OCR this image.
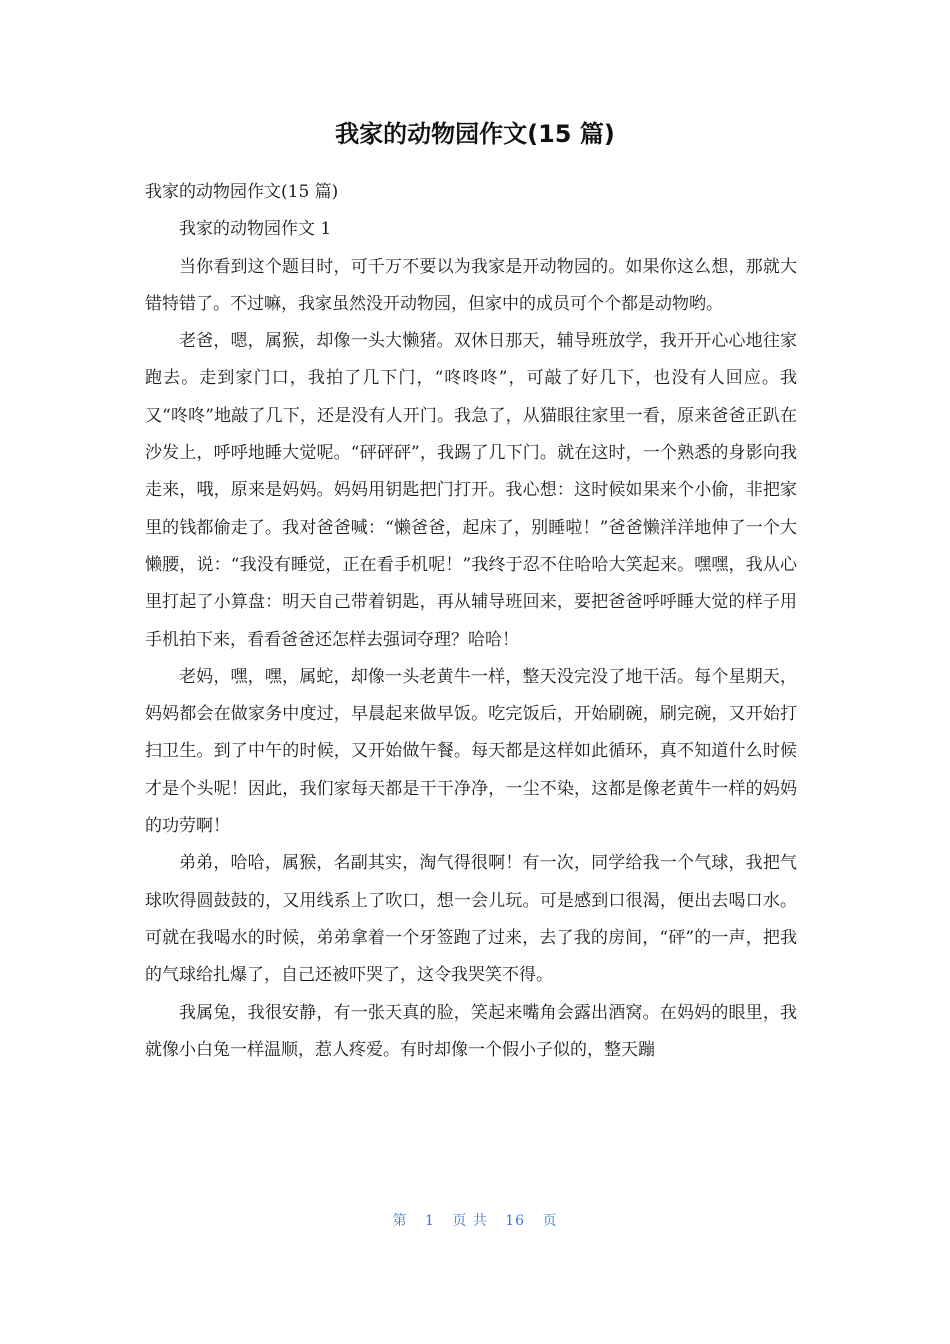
我家的动物园作文(15 篇)

我家的动物园作文(15 篇)

我家的动物园作文 1

当你看到这个题目时，可千万不要以为我家是开动物园的。如果你这么想，那就大错特错了。不过嘛，我家虽然没开动物园，但家中的成员可个个都是动物哟。

老爸，嗯，属猴，却像一头大懒猪。双休日那天，辅导班放学，我开开心心地往家跑去。走到家门口，我拍了几下门，“咚咚咚”，可敲了好几下，也没有人回应。我又“咚咚”地敲了几下，还是没有人开门。我急了，从猫眼往家里一看，原来爸爸正趴在沙发上，呼呼地睡大觉呢。“砰砰砰”，我踢了几下门。就在这时，一个熟悉的身影向我走来，哦，原来是妈妈。妈妈用钥匙把门打开。我心想：这时候如果来个小偷，非把家里的钱都偷走了。我对爸爸喊：“懒爸爸，起床了，别睡啦！”爸爸懒洋洋地伸了一个大懒腰，说：“我没有睡觉，正在看手机呢！”我终于忍不住哈哈大笑起来。嘿嘿，我从心里打起了小算盘：明天自己带着钥匙，再从辅导班回来，要把爸爸呼呼睡大觉的样子用手机拍下来，看看爸爸还怎样去强词夺理？哈哈！

老妈，嘿，嘿，属蛇，却像一头老黄牛一样，整天没完没了地干活。每个星期天，妈妈都会在做家务中度过，早晨起来做早饭。吃完饭后，开始刷碗，刷完碗，又开始打扫卫生。到了中午的时候，又开始做午餐。每天都是这样如此循环，真不知道什么时候才是个头呢！因此，我们家每天都是干干净净，一尘不染，这都是像老黄牛一样的妈妈的功劳啊！

弟弟，哈哈，属猴，名副其实，淘气得很啊！有一次，同学给我一个气球，我把气球吹得圆鼓鼓的，又用线系上了吹口，想一会儿玩。可是感到口很渴，便出去喝口水。可就在我喝水的时候，弟弟拿着一个牙签跑了过来，去了我的房间，“砰”的一声，把我的气球给扎爆了，自己还被吓哭了，这令我哭笑不得。

我属兔，我很安静，有一张天真的脸，笑起来嘴角会露出酒窝。在妈妈的眼里，我就像小白兔一样温顺，惹人疼爱。有时却像一个假小子似的，整天蹦

第 1 页 共 16 页
